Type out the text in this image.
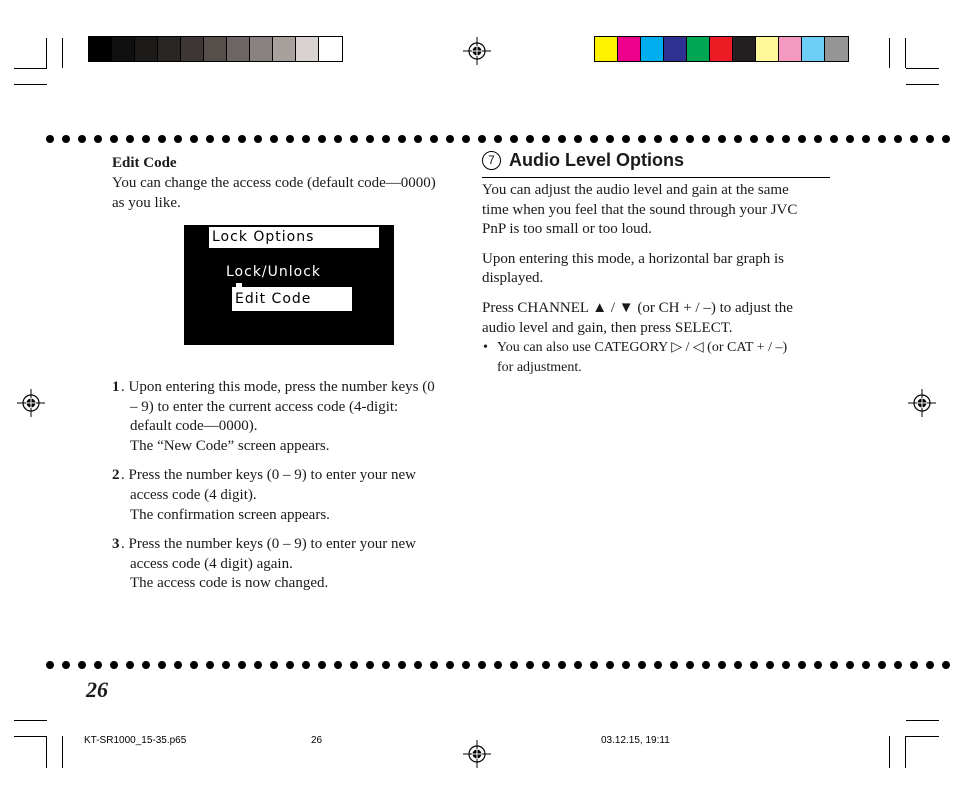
Edit Code
You can change the access code (default code—0000)
as you like.
Lock Options
Lock/Unlock
Edit Code
1 . Upon entering this mode, press the number keys (0
– 9) to enter the current access code (4-digit:
default code—0000).
The “New Code” screen appears.
2 . Press the number keys (0 – 9) to enter your new
access code (4 digit).
The confirmation screen appears.
3 . Press the number keys (0 – 9) to enter your new
access code (4 digit) again.
The access code is now changed.
7 Audio Level Options
You can adjust the audio level and gain at the same
time when you feel that the sound through your JVC
PnP is too small or too loud.
Upon entering this mode, a horizontal bar graph is
displayed.
Press CHANNEL ▲ / ▼ (or CH + / –) to adjust the
audio level and gain, then press SELECT.
• You can also use CATEGORY ▷ / ◁ (or CAT + / –)
for adjustment.
26
KT-SR1000_15-35.p65	26	03.12.15, 19:11
